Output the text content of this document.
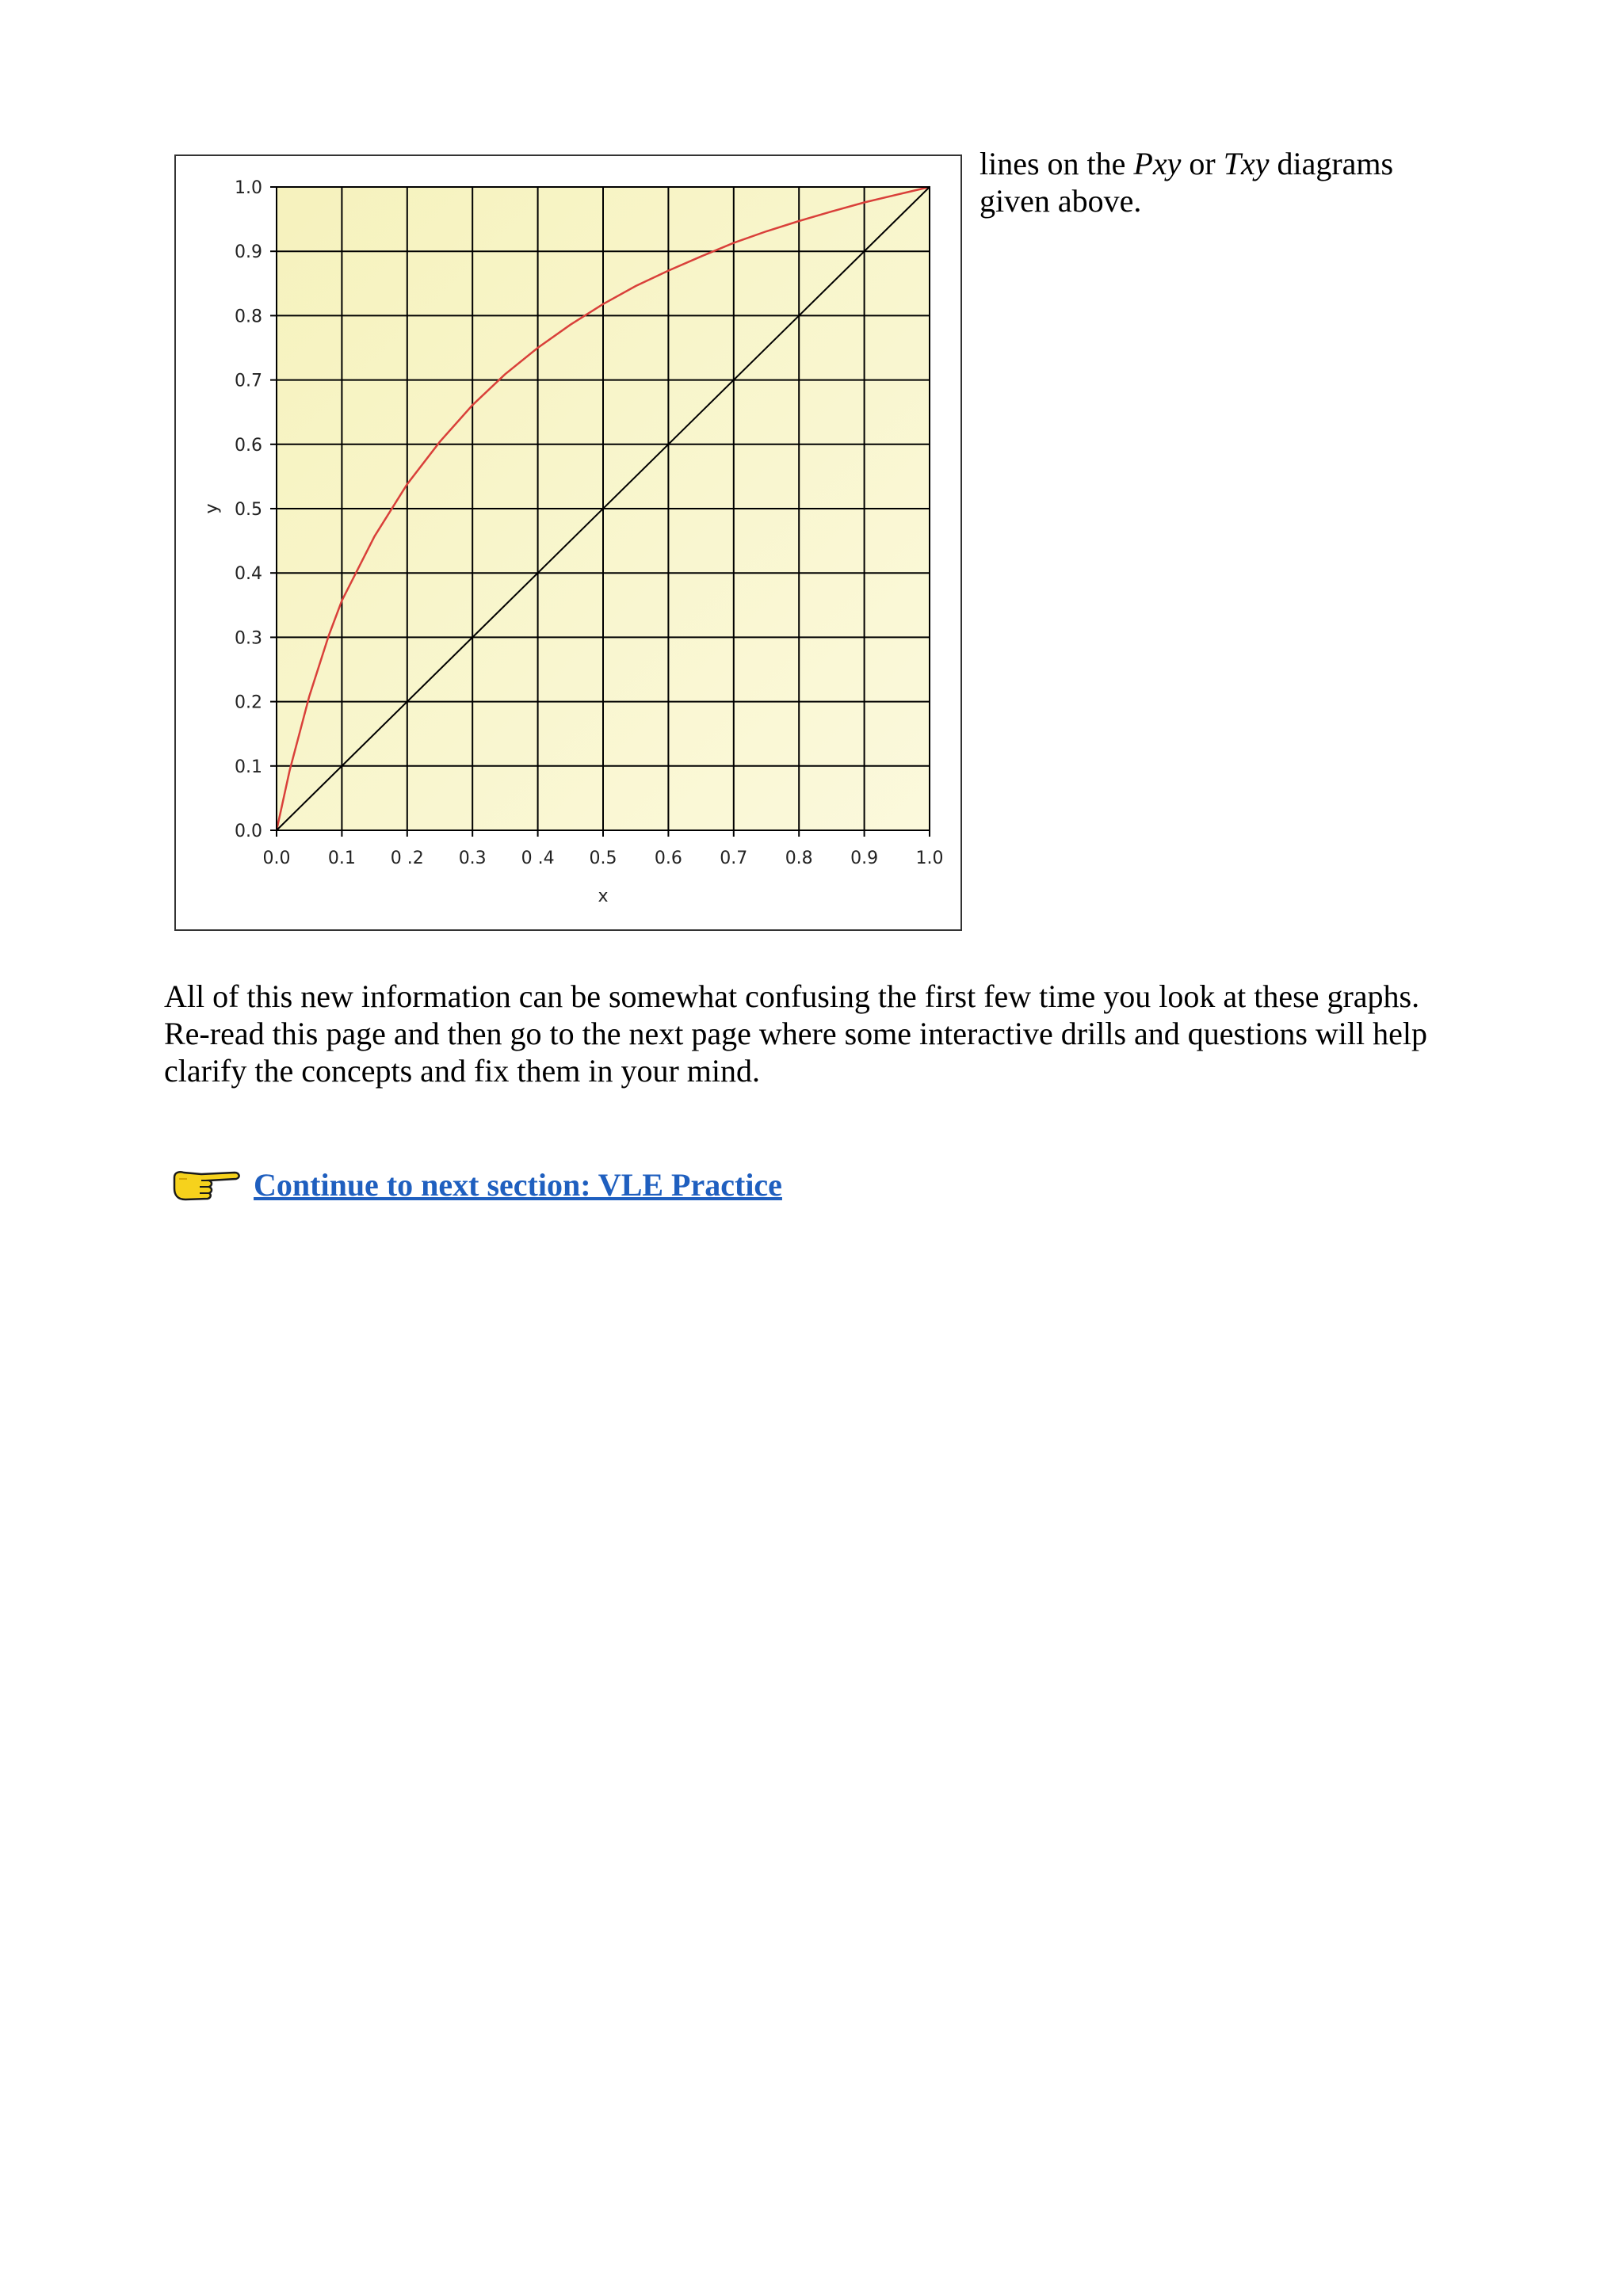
0.0 0.1 0 .2 0.3 0 .4 0.5 0.6 0.7 0.8 0.9 1.0
0.0
0.1
0.2
0.3
0.4
0.5
0.6
0.7
0.8
0.9
1.0
x
y
lines on the Pxy or Txy diagrams
given above.

All of this new information can be somewhat confusing the first few time you look at these graphs.

Re-read this page and then go to the next page where some interactive drills and questions will help

clarify the concepts and fix them in your mind.

Continue to next section: VLE Practice
